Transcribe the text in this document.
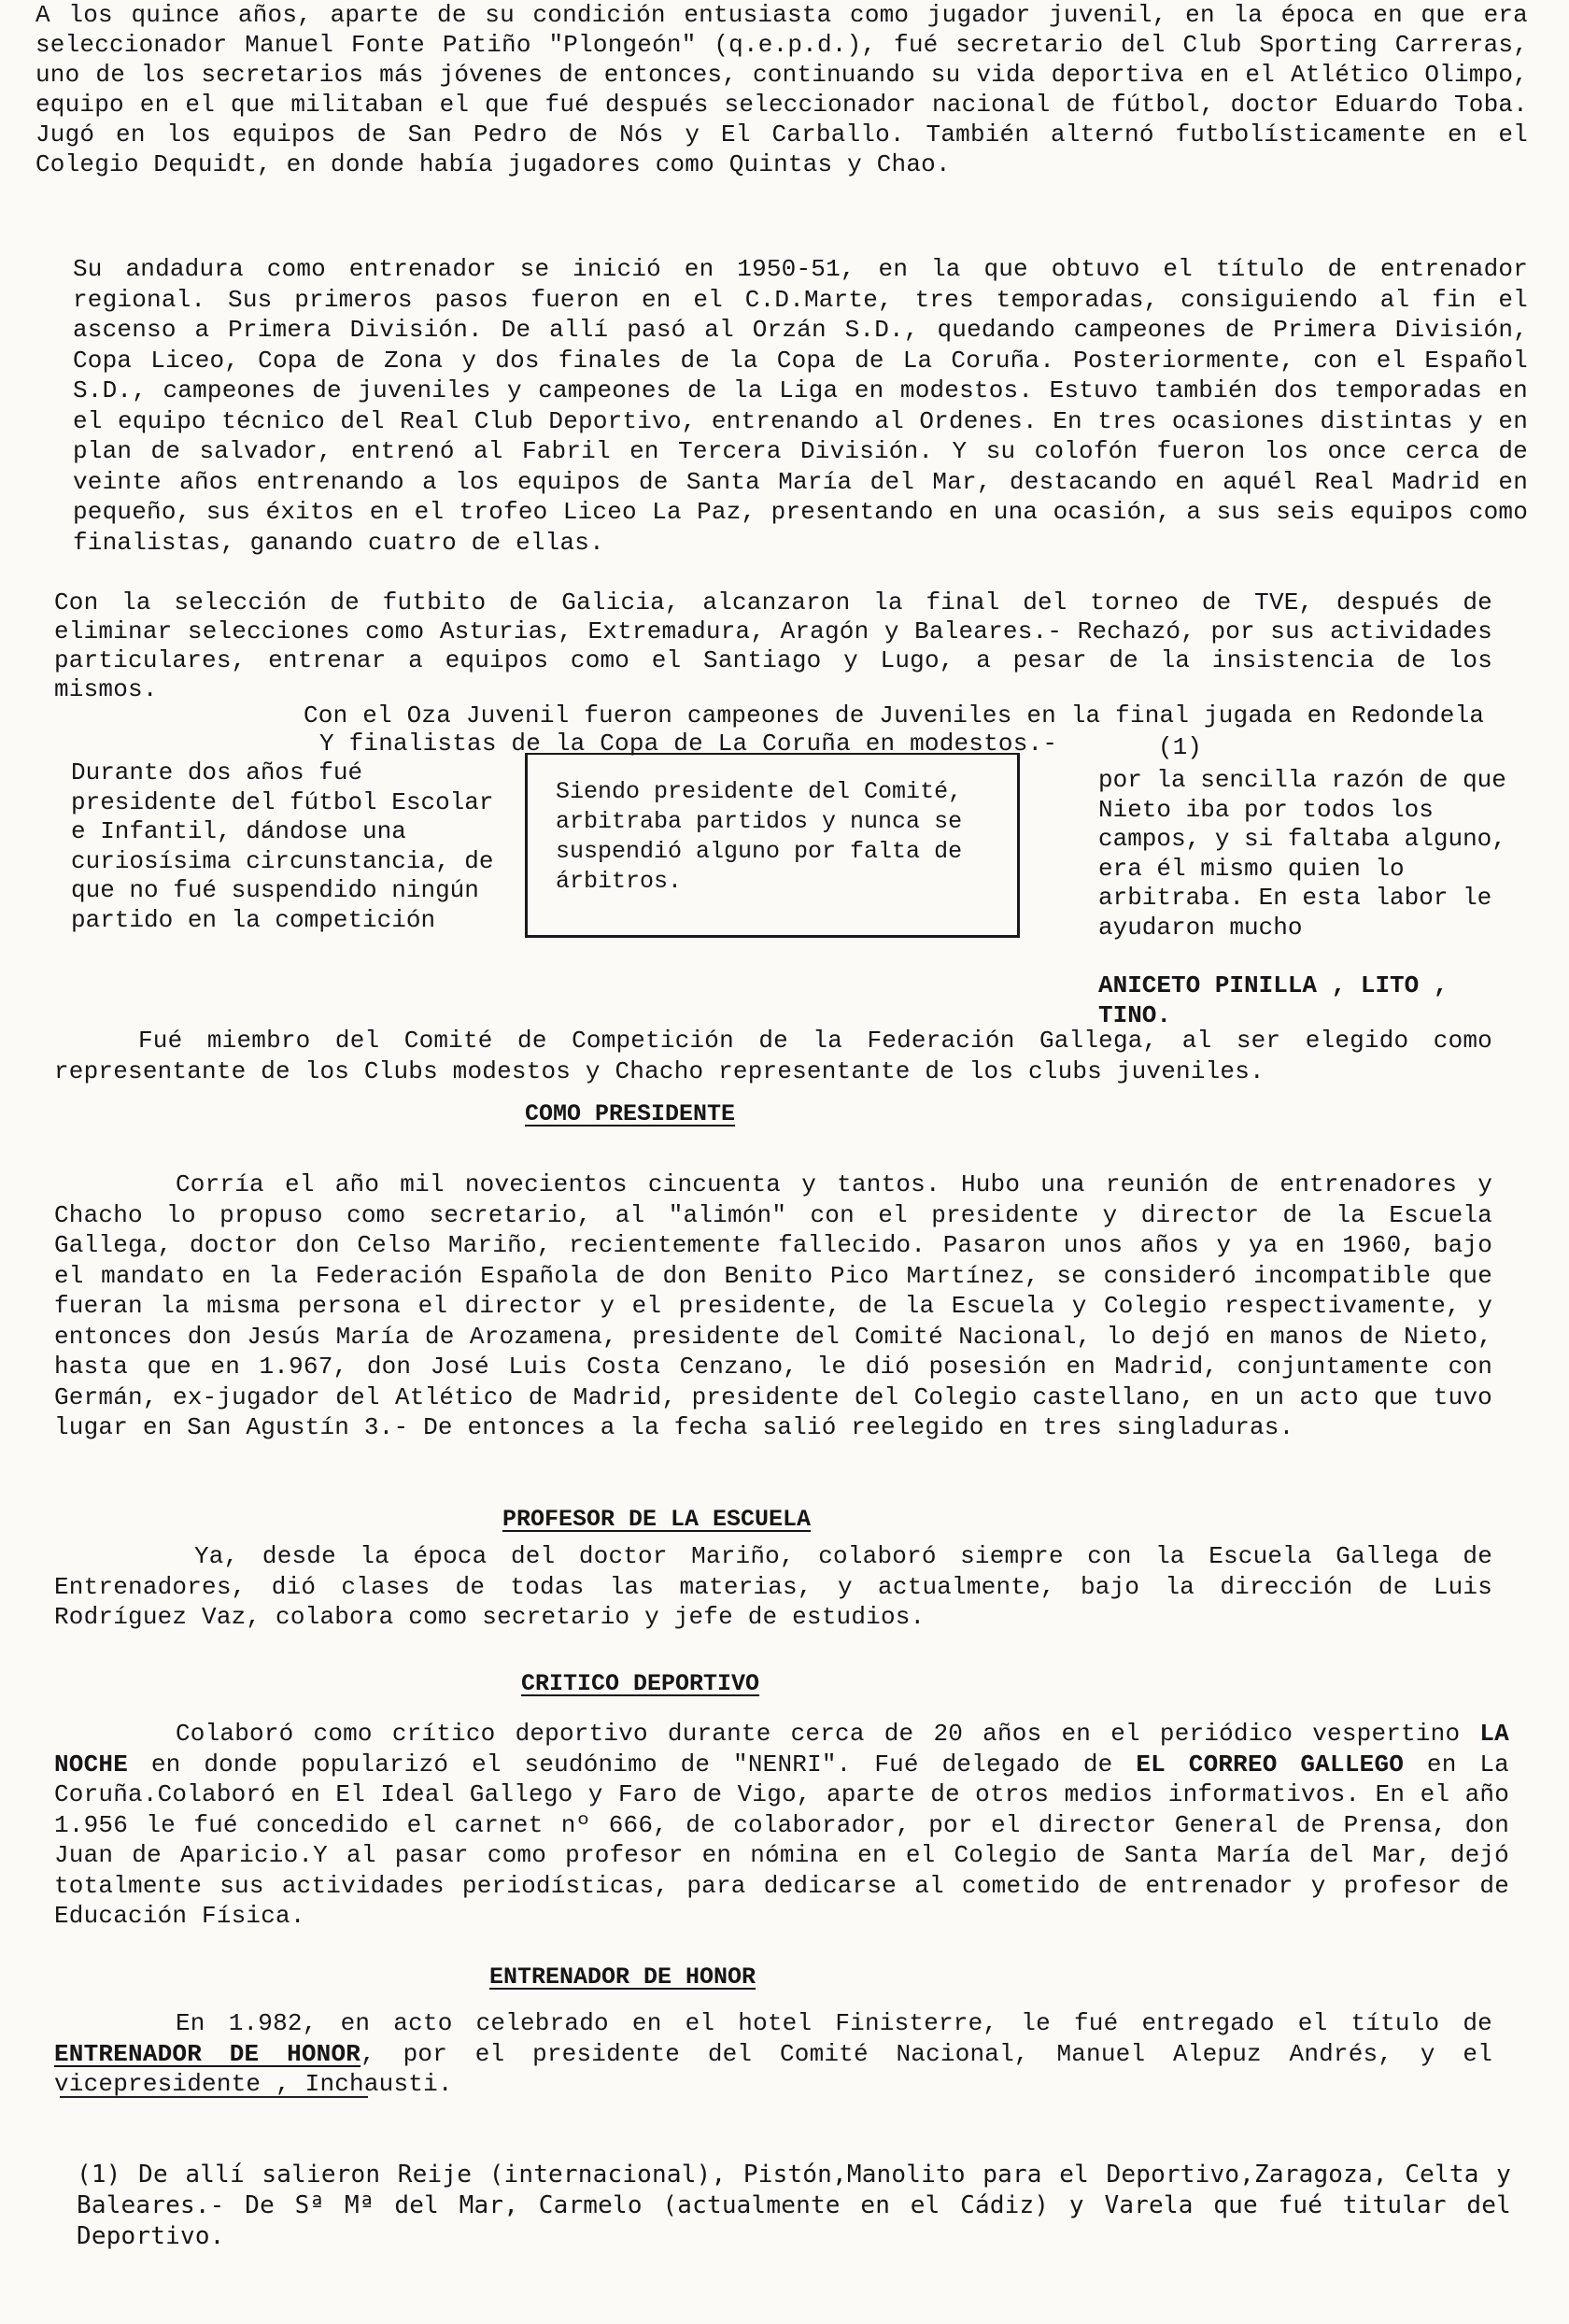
A los quince años, aparte de su condición entusiasta como jugador juvenil, en la época en que era seleccionador Manuel Fonte Patiño "Plongeón" (q.e.p.d.), fué secretario del Club Sporting Carreras, uno de los secretarios más jóvenes de entonces, continuando su vida deportiva en el Atlético Olimpo, equipo en el que militaban el que fué después seleccionador nacional de fútbol, doctor Eduardo Toba. Jugó en los equipos de San Pedro de Nós y El Carballo. También alternó futbolísticamente en el Colegio Dequidt, en donde había jugadores como Quintas y Chao.
Su andadura como entrenador se inició en 1950-51, en la que obtuvo el título de entrenador regional. Sus primeros pasos fueron en el C.D.Marte, tres temporadas, consiguiendo al fin el ascenso a Primera División. De allí pasó al Orzán S.D., quedando campeones de Primera División, Copa Liceo, Copa de Zona y dos finales de la Copa de La Coruña. Posteriormente, con el Español S.D., campeones de juveniles y campeones de la Liga en modestos. Estuvo también dos temporadas en el equipo técnico del Real Club Deportivo, entrenando al Ordenes. En tres ocasiones distintas y en plan de salvador, entrenó al Fabril en Tercera División. Y su colofón fueron los once cerca de veinte años entrenando a los equipos de Santa María del Mar, destacando en aquél Real Madrid en pequeño, sus éxitos en el trofeo Liceo La Paz, presentando en una ocasión, a sus seis equipos como finalistas, ganando cuatro de ellas.
Con la selección de futbito de Galicia, alcanzaron la final del torneo de TVE, después de eliminar selecciones como Asturias, Extremadura, Aragón y Baleares.- Rechazó, por sus actividades particulares, entrenar a equipos como el Santiago y Lugo, a pesar de la insistencia de los mismos.
Con el Oza Juvenil fueron campeones de Juveniles en la final jugada en Redondela
Y finalistas de la Copa de La Coruña en modestos.-	(1)
Durante dos años fué presidente del fútbol Escolar e Infantil, dándose una curiosísima circunstancia, de que no fué suspendido ningún partido en la competición
Siendo presidente del Comité, arbitraba partidos y nunca se suspendió alguno por falta de árbitros.
por la sencilla razón de que Nieto iba por todos los campos, y si faltaba alguno, era él mismo quien lo arbitraba. En esta labor le ayudaron mucho
ANICETO PINILLA , LITO , TINO.
Fué miembro del Comité de Competición de la Federación Gallega, al ser elegido como representante de los Clubs modestos y Chacho representante de los clubs juveniles.
COMO PRESIDENTE
Corría el año mil novecientos cincuenta y tantos. Hubo una reunión de entrenadores y Chacho lo propuso como secretario, al "alimón" con el presidente y director de la Escuela Gallega, doctor don Celso Mariño, recientemente fallecido. Pasaron unos años y ya en 1960, bajo el mandato en la Federación Española de don Benito Pico Martínez, se consideró incompatible que fueran la misma persona el director y el presidente, de la Escuela y Colegio respectivamente, y entonces don Jesús María de Arozamena, presidente del Comité Nacional, lo dejó en manos de Nieto, hasta que en 1.967, don José Luis Costa Cenzano, le dió posesión en Madrid, conjuntamente con Germán, ex-jugador del Atlético de Madrid, presidente del Colegio castellano, en un acto que tuvo lugar en San Agustín 3.- De entonces a la fecha salió reelegido en tres singladuras.
PROFESOR DE LA ESCUELA
Ya, desde la época del doctor Mariño, colaboró siempre con la Escuela Gallega de Entrenadores, dió clases de todas las materias, y actualmente, bajo la dirección de Luis Rodríguez Vaz, colabora como secretario y jefe de estudios.
CRITICO DEPORTIVO
Colaboró como crítico deportivo durante cerca de 20 años en el periódico vespertino LA NOCHE en donde popularizó el seudónimo de "NENRI". Fué delegado de EL CORREO GALLEGO en La Coruña.Colaboró en El Ideal Gallego y Faro de Vigo, aparte de otros medios informativos. En el año 1.956 le fué concedido el carnet nº 666, de colaborador, por el director General de Prensa, don Juan de Aparicio.Y al pasar como profesor en nómina en el Colegio de Santa María del Mar, dejó totalmente sus actividades periodísticas, para dedicarse al cometido de entrenador y profesor de Educación Física.
ENTRENADOR DE HONOR
En 1.982, en acto celebrado en el hotel Finisterre, le fué entregado el título de ENTRENADOR DE HONOR, por el presidente del Comité Nacional, Manuel Alepuz Andrés, y el vicepresidente , Inchausti.
(1) De allí salieron Reije (internacional), Pistón,Manolito para el Deportivo,Zaragoza, Celta y Baleares.- De Sª Mª del Mar, Carmelo (actualmente en el Cádiz) y Varela que fué titular del Deportivo.
